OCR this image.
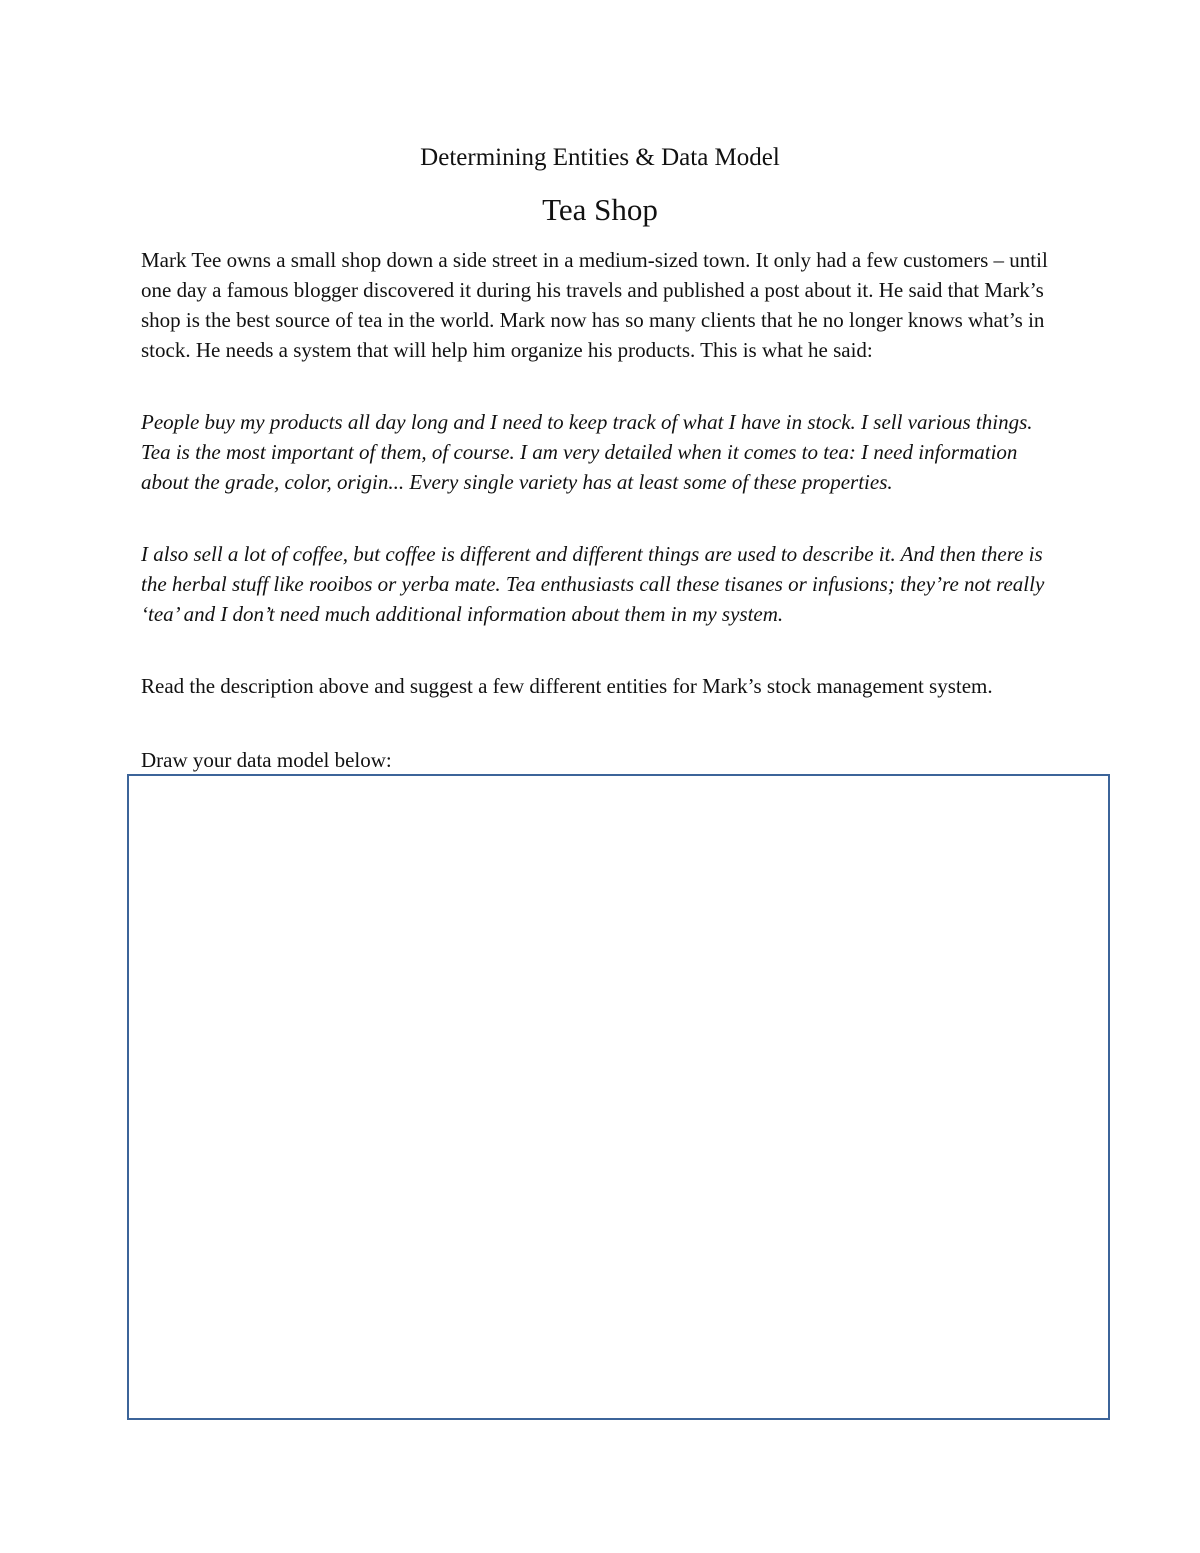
Determining Entities & Data Model
Tea Shop

Mark Tee owns a small shop down a side street in a medium-sized town. It only had a few customers – until one day a famous blogger discovered it during his travels and published a post about it. He said that Mark’s shop is the best source of tea in the world. Mark now has so many clients that he no longer knows what’s in stock. He needs a system that will help him organize his products. This is what he said:

People buy my products all day long and I need to keep track of what I have in stock. I sell various things. Tea is the most important of them, of course. I am very detailed when it comes to tea: I need information about the grade, color, origin... Every single variety has at least some of these properties.

I also sell a lot of coffee, but coffee is different and different things are used to describe it. And then there is the herbal stuff like rooibos or yerba mate. Tea enthusiasts call these tisanes or infusions; they’re not really ‘tea’ and I don’t need much additional information about them in my system.

Read the description above and suggest a few different entities for Mark’s stock management system.

Draw your data model below:
